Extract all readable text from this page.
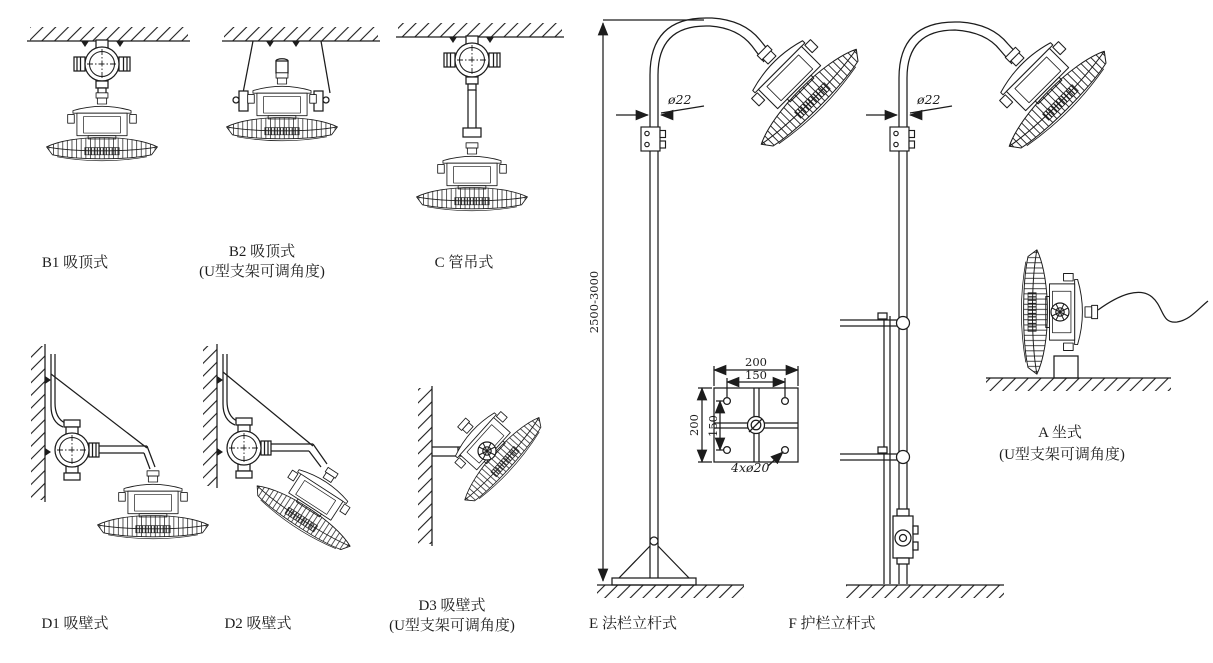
2500-3000
ø22
200
150
200 150
4xø20
ø22
B1 吸顶式
B2 吸顶式
(U型支架可调角度)
C 管吊式
D1 吸壁式	D2 吸壁式
D3 吸壁式
(U型支架可调角度)	E 法栏立杆式	F 护栏立杆式
A 坐式
(U型支架可调角度)
